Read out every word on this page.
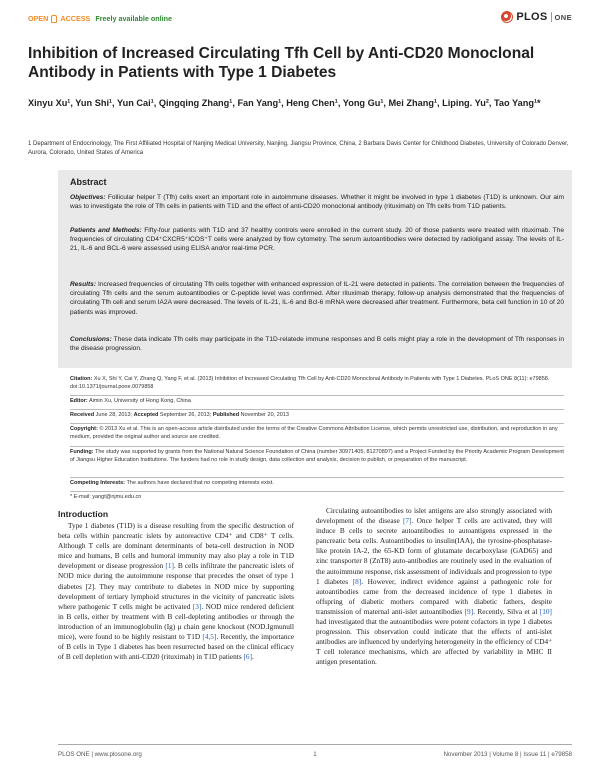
OPEN ACCESS Freely available online	PLOS ONE
Inhibition of Increased Circulating Tfh Cell by Anti-CD20 Monoclonal Antibody in Patients with Type 1 Diabetes
Xinyu Xu¹, Yun Shi¹, Yun Cai¹, Qingqing Zhang¹, Fan Yang¹, Heng Chen¹, Yong Gu¹, Mei Zhang¹, Liping. Yu², Tao Yang¹*
1 Department of Endocrinology, The First Affiliated Hospital of Nanjing Medical University, Nanjing, Jiangsu Province, China, 2 Barbara Davis Center for Childhood Diabetes, University of Colorado Denver, Aurora, Colorado, United States of America
Abstract

Objectives: Follicular helper T (Tfh) cells exert an important role in autoimmune diseases. Whether it might be involved in type 1 diabetes (T1D) is unknown. Our aim was to investigate the role of Tfh cells in patients with T1D and the effect of anti-CD20 monoclonal antibody (rituximab) on Tfh cells from T1D patients.

Patients and Methods: Fifty-four patients with T1D and 37 healthy controls were enrolled in the current study. 20 of those patients were treated with rituximab. The frequencies of circulating CD4⁺CXCR5⁺ICOS⁺T cells were analyzed by flow cytometry. The serum autoantibodies were detected by radioligand assay. The levels of IL-21, IL-6 and BCL-6 were assessed using ELISA and/or real-time PCR.

Results: Increased frequencies of circulating Tfh cells together with enhanced expression of IL-21 were detected in patients. The correlation between the frequencies of circulating Tfh cells and the serum autoantibodies or C-peptide level was confirmed. After rituximab therapy, follow-up analysis demonstrated that the frequencies of circulating Tfh cell and serum IA2A were decreased. The levels of IL-21, IL-6 and Bcl-6 mRNA were decreased after treatment. Furthermore, beta cell function in 10 of 20 patients was improved.

Conclusions: These data indicate Tfh cells may participate in the T1D-relatede immune responses and B cells might play a role in the development of Tfh responses in the disease progression.

Citation: Xu X, Shi Y, Cai Y, Zhang Q, Yang F, et al. (2013) Inhibition of Increased Circulating Tfh Cell by Anti-CD20 Monoclonal Antibody in Patients with Type 1 Diabetes. PLoS ONE 8(11): e79858. doi:10.1371/journal.pone.0079858
Editor: Aimin Xu, University of Hong Kong, China
Received June 28, 2013; Accepted September 26, 2013; Published November 20, 2013
Copyright: © 2013 Xu et al. This is an open-access article distributed under the terms of the Creative Commons Attribution License, which permits unrestricted use, distribution, and reproduction in any medium, provided the original author and source are credited.
Funding: The study was supported by grants from the National Natural Science Foundation of China (number 30971405, 81270897) and a Project Funded by the Priority Academic Program Development of Jiangsu Higher Education Institutions. The funders had no role in study design, data collection and analysis, decision to publish, or preparation of the manuscript.
Competing Interests: The authors have declared that no competing interests exist.
* E-mail: yangt@njmu.edu.cn
Introduction

Type 1 diabetes (T1D) is a disease resulting from the specific destruction of beta cells within pancreatic islets by autoreactive CD4⁺ and CD8⁺ T cells. Although T cells are dominant determinants of beta-cell destruction in NOD mice and humans, B cells and humoral immunity may also play a role in T1D development or disease progression [1]. B cells infiltrate the pancreatic islets of NOD mice during the autoimmune response that precedes the onset of type 1 diabetes [2]. They may contribute to diabetes in NOD mice by supporting development of tertiary lymphoid structures in the vicinity of pancreatic islets where pathogenic T cells might be activated [3]. NOD mice rendered deficient in B cells, either by treatment with B cell-depleting antibodies or through the introduction of an immunoglobulin (Ig) μ chain gene knockout (NOD.Igmunull mice), were found to be highly resistant to T1D [4,5]. Recently, the importance of B cells in Type 1 diabetes has been resurrected based on the clinical efficacy of B cell depletion with anti-CD20 (rituximab) in T1D patients [6].

Circulating autoantibodies to islet antigens are also strongly associated with development of the disease [7]. Once helper T cells are activated, they will induce B cells to secrete autoantibodies to autoantigens expressed in the pancreatic beta cells. Autoantibodies to insulin(IAA), the tyrosine-phosphatase-like protein IA-2, the 65-KD form of glutamate decarboxylase (GAD65) and zinc transporter 8 (ZnT8) auto-antibodies are routinely used in the evaluation of the autoimmune response, risk assessment of individuals and progression to type 1 diabetes [8]. However, indirect evidence against a pathogenic role for autoantibodies came from the decreased incidence of type 1 diabetes in offspring of diabetic mothers compared with diabetic fathers, despite transmission of maternal anti-islet autoantibodies [9]. Recently, Silva et al [10] had investigated that the autoantibodies were potent cofactors in type 1 diabetes progression. This observation could indicate that the effects of anti-islet antibodies are influenced by underlying heterogeneity in the efficiency of CD4⁺ T cell tolerance mechanisms, which are affected by variability in MHC II antigen presentation.

PLOS ONE | www.plosone.org	1	November 2013 | Volume 8 | Issue 11 | e79858
